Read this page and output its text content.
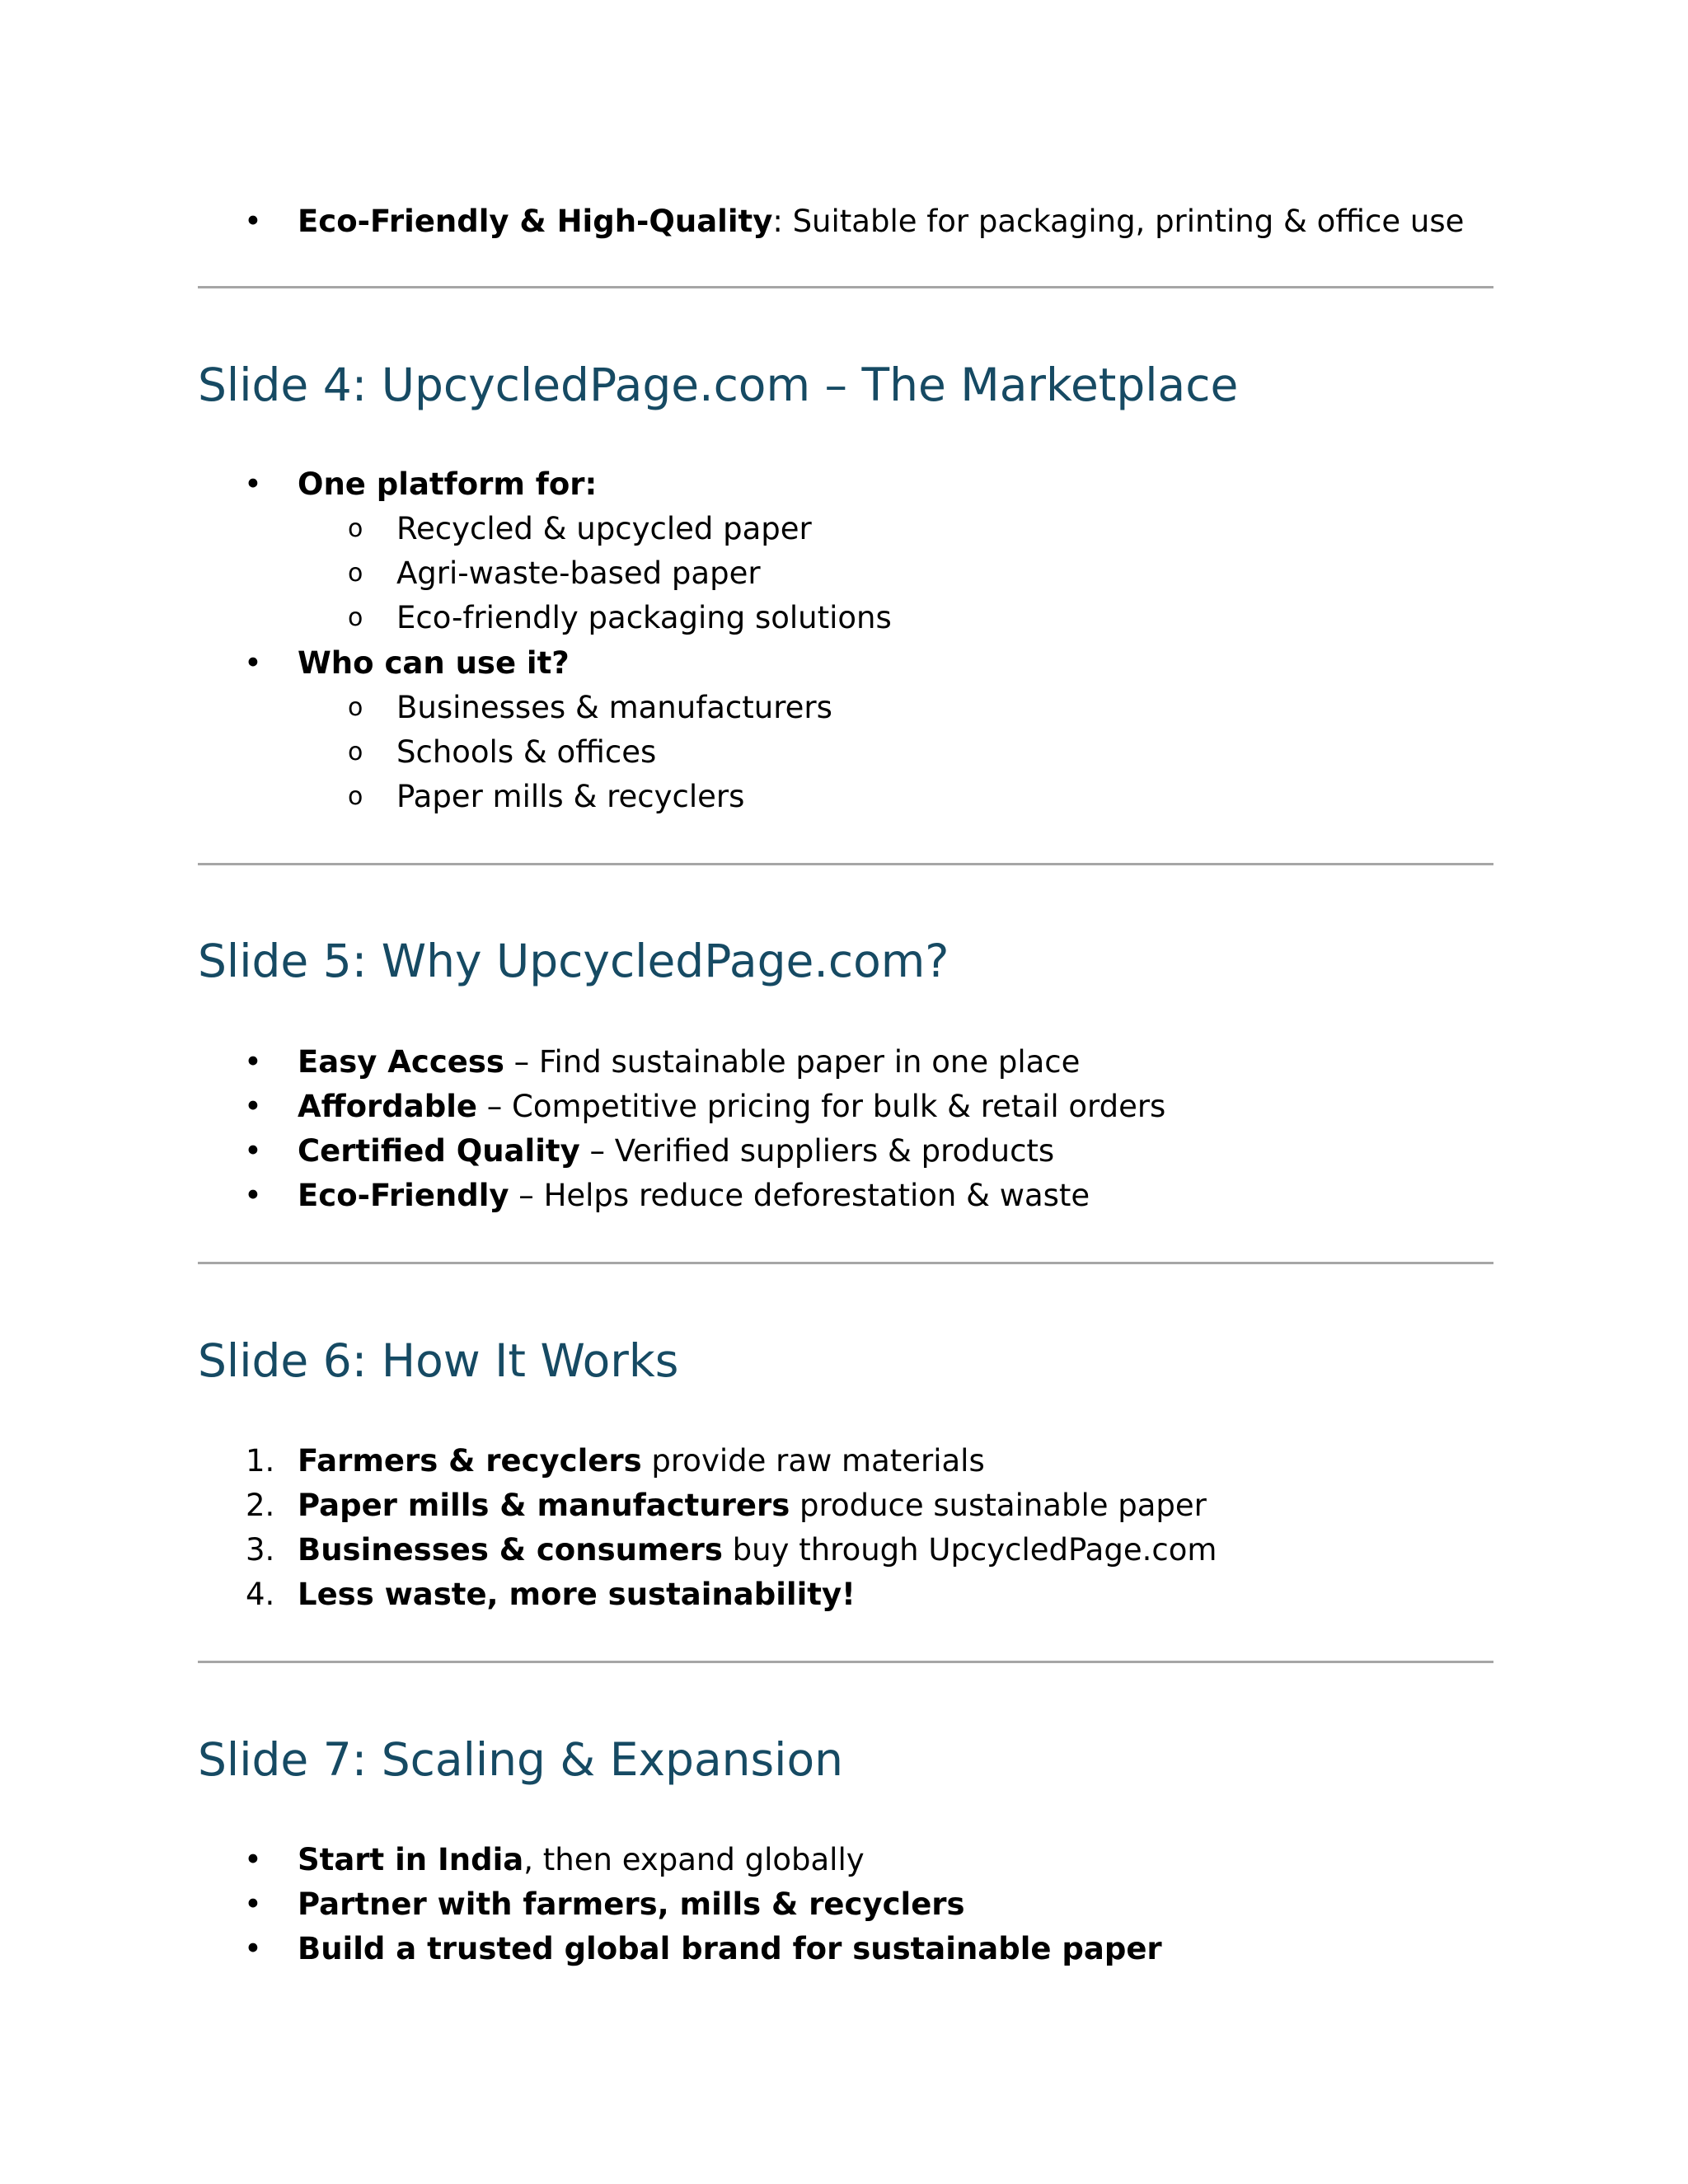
•	Eco-Friendly & High-Quality: Suitable for packaging, printing & office use
Slide 4: UpcycledPage.com – The Marketplace
•	One platform for:
o	Recycled & upcycled paper
o	Agri-waste-based paper
o	Eco-friendly packaging solutions
•	Who can use it?
o	Businesses & manufacturers
o	Schools & offices
o	Paper mills & recyclers
Slide 5: Why UpcycledPage.com?
•	Easy Access – Find sustainable paper in one place
•	Affordable – Competitive pricing for bulk & retail orders
•	Certified Quality – Verified suppliers & products
•	Eco-Friendly – Helps reduce deforestation & waste
Slide 6: How It Works
1. Farmers & recyclers provide raw materials
2. Paper mills & manufacturers produce sustainable paper
3. Businesses & consumers buy through UpcycledPage.com
4. Less waste, more sustainability!
Slide 7: Scaling & Expansion
•	Start in India, then expand globally
•	Partner with farmers, mills & recyclers
•	Build a trusted global brand for sustainable paper
